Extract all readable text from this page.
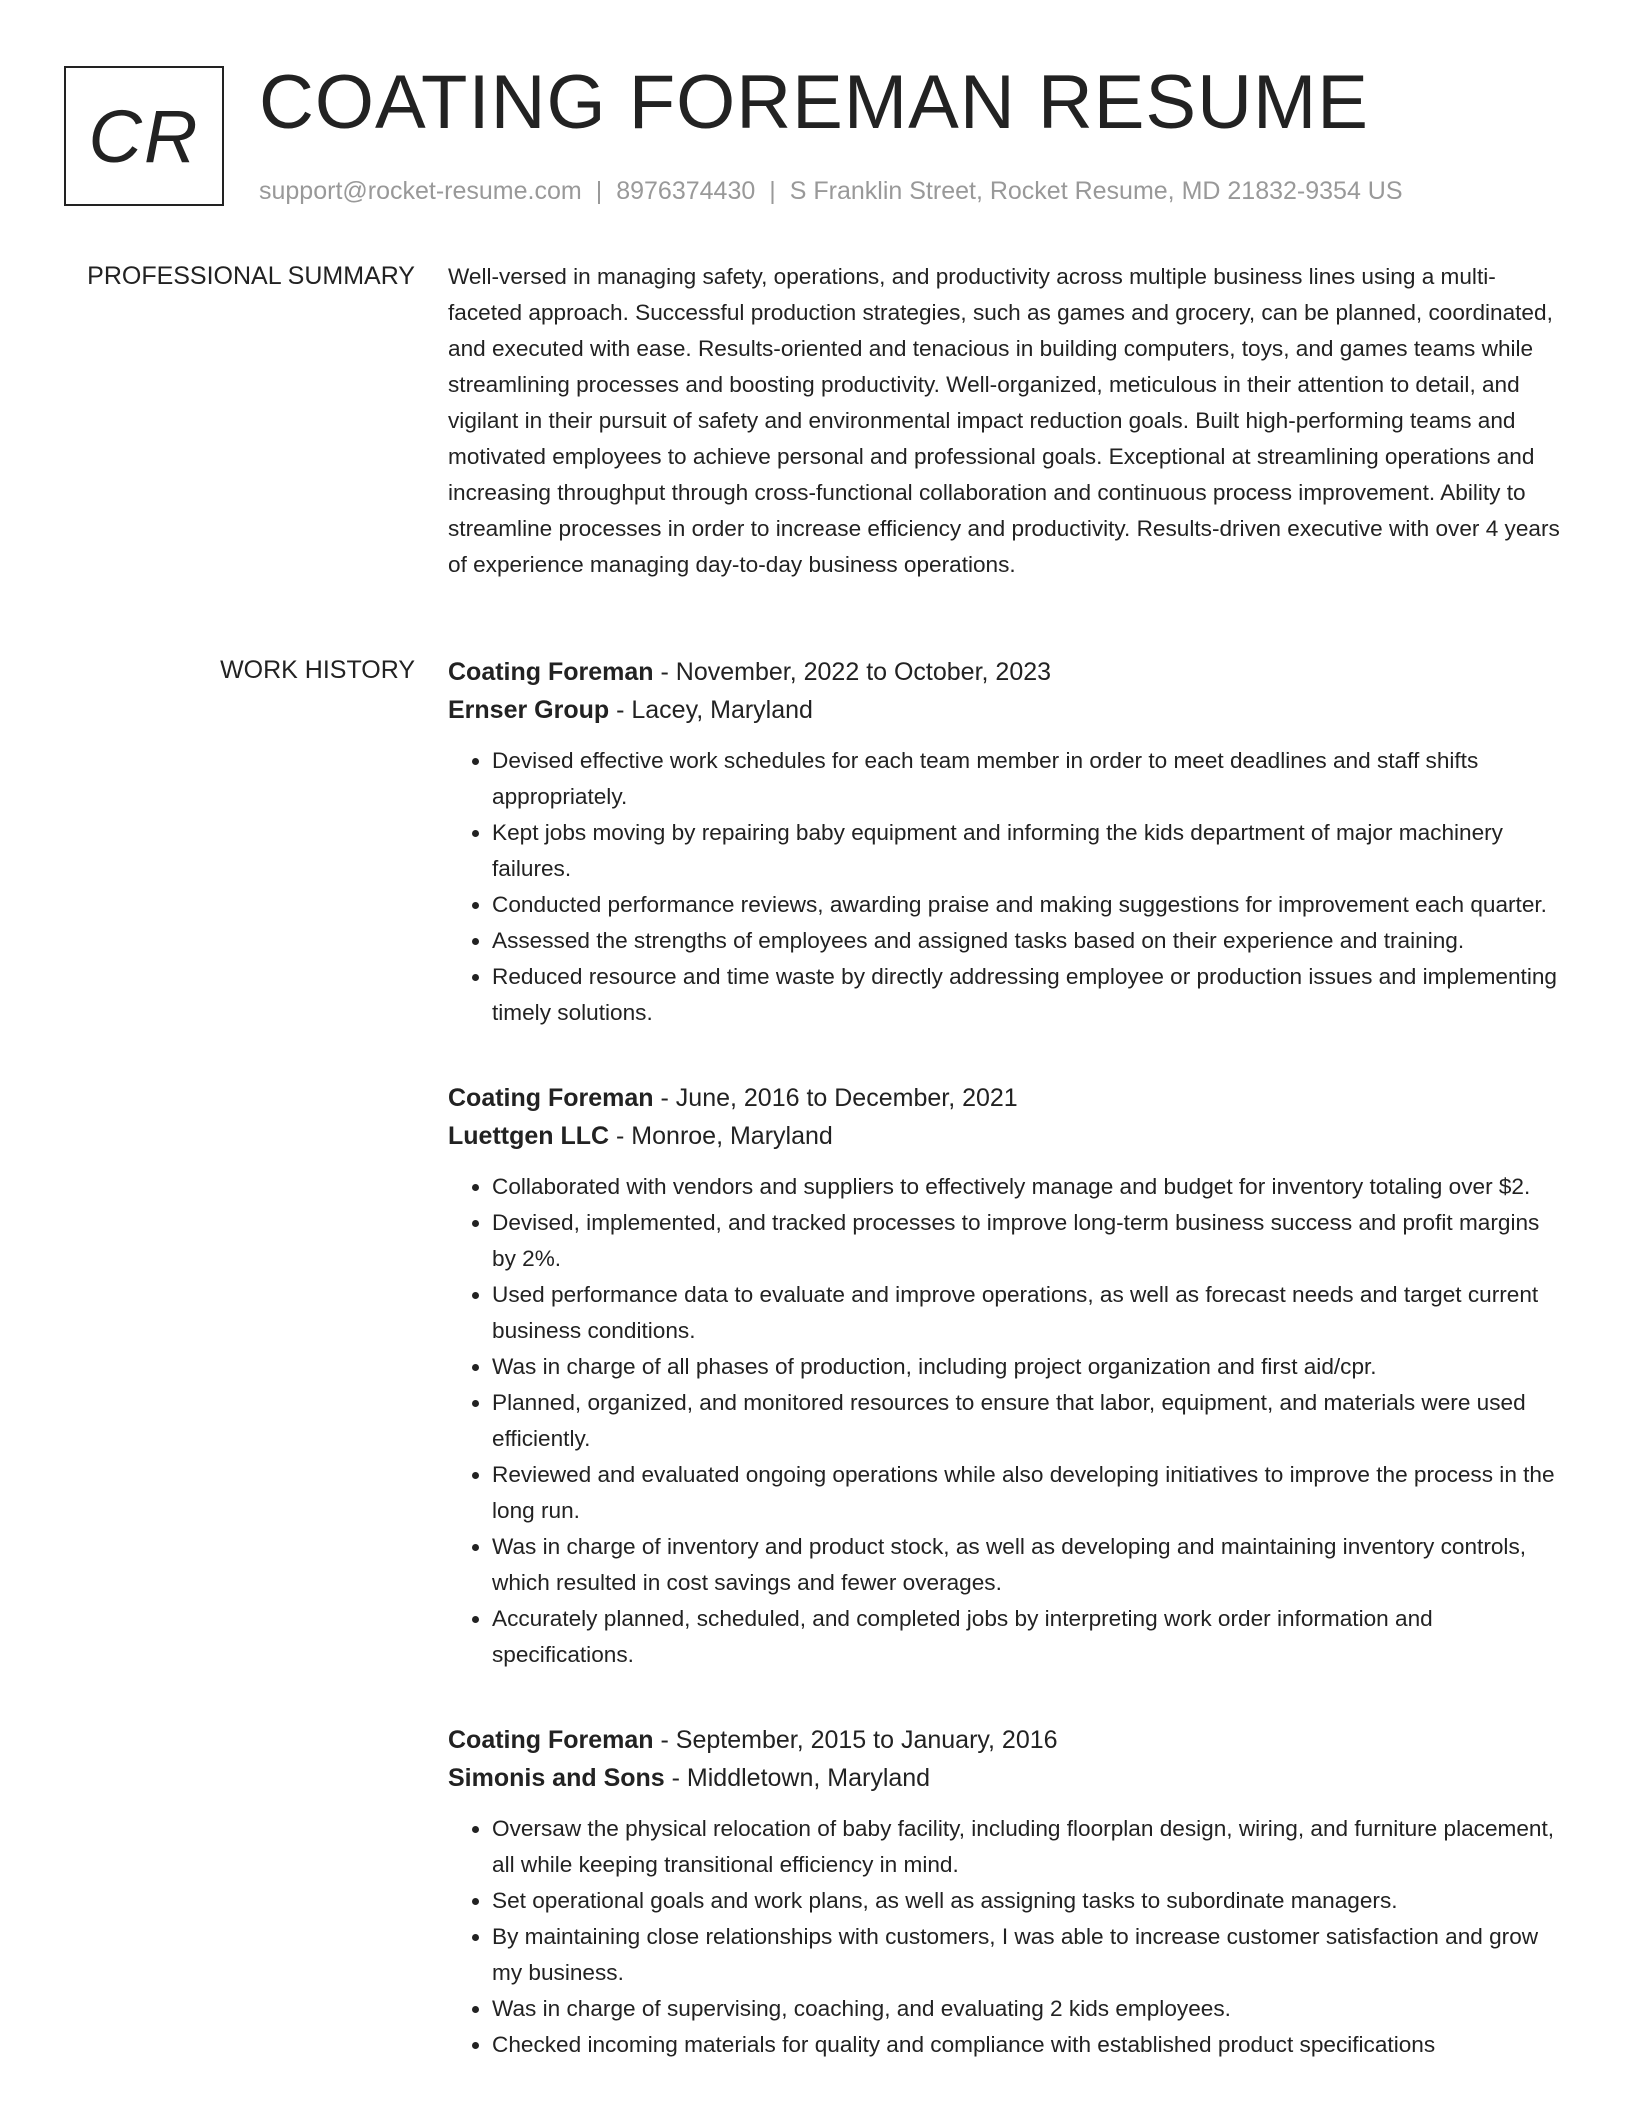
CR COATING FOREMAN RESUME
support@rocket-resume.com | 8976374430 | S Franklin Street, Rocket Resume, MD 21832-9354 US
PROFESSIONAL SUMMARY Well-versed in managing safety, operations, and productivity across multiple business lines using a multi-faceted approach. Successful production strategies, such as games and grocery, can be planned, coordinated, and executed with ease. Results-oriented and tenacious in building computers, toys, and games teams while streamlining processes and boosting productivity. Well-organized, meticulous in their attention to detail, and vigilant in their pursuit of safety and environmental impact reduction goals. Built high-performing teams and motivated employees to achieve personal and professional goals. Exceptional at streamlining operations and increasing throughput through cross-functional collaboration and continuous process improvement. Ability to streamline processes in order to increase efficiency and productivity. Results-driven executive with over 4 years of experience managing day-to-day business operations.

WORK HISTORY Coating Foreman - November, 2022 to October, 2023
Ernser Group - Lacey, Maryland
• Devised effective work schedules for each team member in order to meet deadlines and staff shifts appropriately.
• Kept jobs moving by repairing baby equipment and informing the kids department of major machinery failures.
• Conducted performance reviews, awarding praise and making suggestions for improvement each quarter.
• Assessed the strengths of employees and assigned tasks based on their experience and training.
• Reduced resource and time waste by directly addressing employee or production issues and implementing timely solutions.
Coating Foreman - June, 2016 to December, 2021
Luettgen LLC - Monroe, Maryland
• Collaborated with vendors and suppliers to effectively manage and budget for inventory totaling over $2.
• Devised, implemented, and tracked processes to improve long-term business success and profit margins by 2%.
• Used performance data to evaluate and improve operations, as well as forecast needs and target current business conditions.
• Was in charge of all phases of production, including project organization and first aid/cpr.
• Planned, organized, and monitored resources to ensure that labor, equipment, and materials were used efficiently.
• Reviewed and evaluated ongoing operations while also developing initiatives to improve the process in the long run.
• Was in charge of inventory and product stock, as well as developing and maintaining inventory controls, which resulted in cost savings and fewer overages.
• Accurately planned, scheduled, and completed jobs by interpreting work order information and specifications.
Coating Foreman - September, 2015 to January, 2016
Simonis and Sons - Middletown, Maryland
• Oversaw the physical relocation of baby facility, including floorplan design, wiring, and furniture placement, all while keeping transitional efficiency in mind.
• Set operational goals and work plans, as well as assigning tasks to subordinate managers.
• By maintaining close relationships with customers, I was able to increase customer satisfaction and grow my business.
• Was in charge of supervising, coaching, and evaluating 2 kids employees.
• Checked incoming materials for quality and compliance with established product specifications
